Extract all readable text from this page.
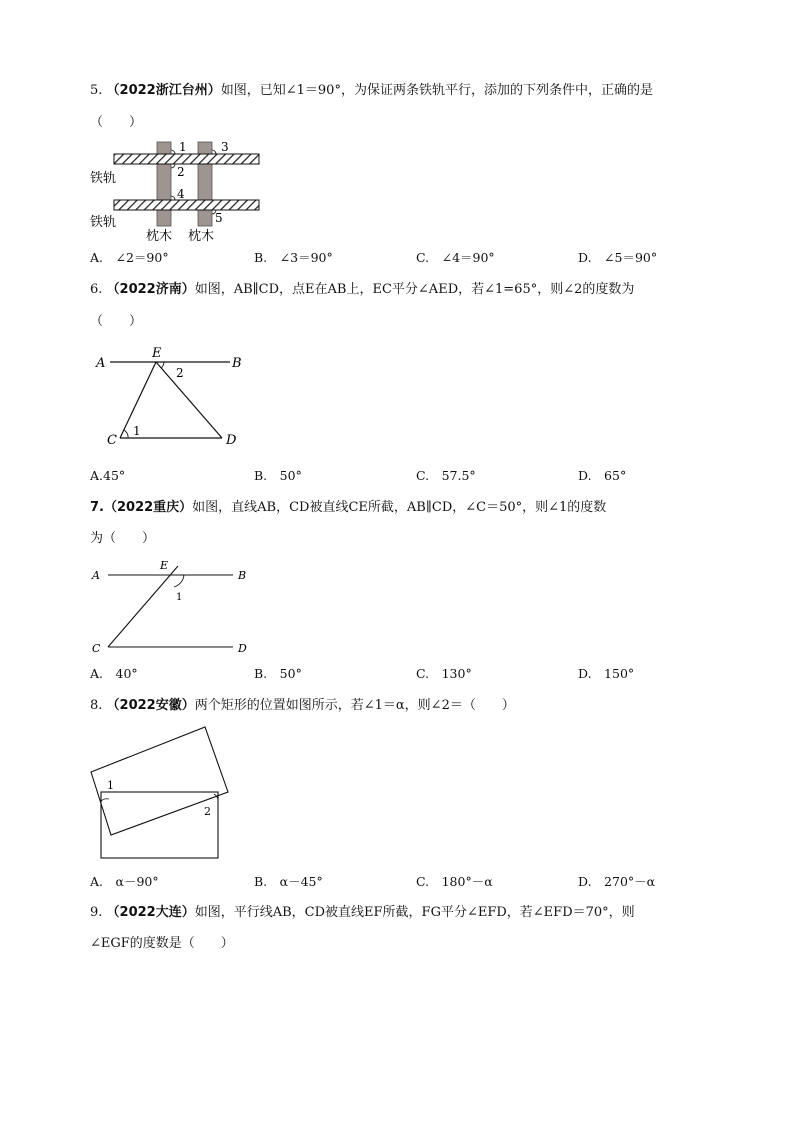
5. （2022浙江台州）如图，已知∠1＝90°，为保证两条铁轨平行，添加的下列条件中，正确的是
（　　）
1	3
2
4
5
铁轨
铁轨
枕木 枕木
A.　∠2＝90°	B.　∠3＝90°	C.　∠4＝90°	D.　∠5＝90°
6. （2022济南）如图，AB∥CD，点E在AB上，EC平分∠AED，若∠1=65°，则∠2的度数为
（　　）
A	B
E
C	D
1
2
A.45°	B.　50°	C.　57.5°	D.　65°
7.（2022重庆）如图，直线AB，CD被直线CE所截，AB∥CD，∠C＝50°，则∠1的度数
为（　　）
A	B
E
C	D
1
A.　40°	B.　50°	C.　130°	D.　150°
8. （2022安徽）两个矩形的位置如图所示，若∠1＝α，则∠2＝（　　）
1
2
A.　α－90°	B.　α－45°	C.　180°－α	D.　270°－α
9. （2022大连）如图，平行线AB，CD被直线EF所截，FG平分∠EFD，若∠EFD＝70°，则
∠EGF的度数是（　　）
